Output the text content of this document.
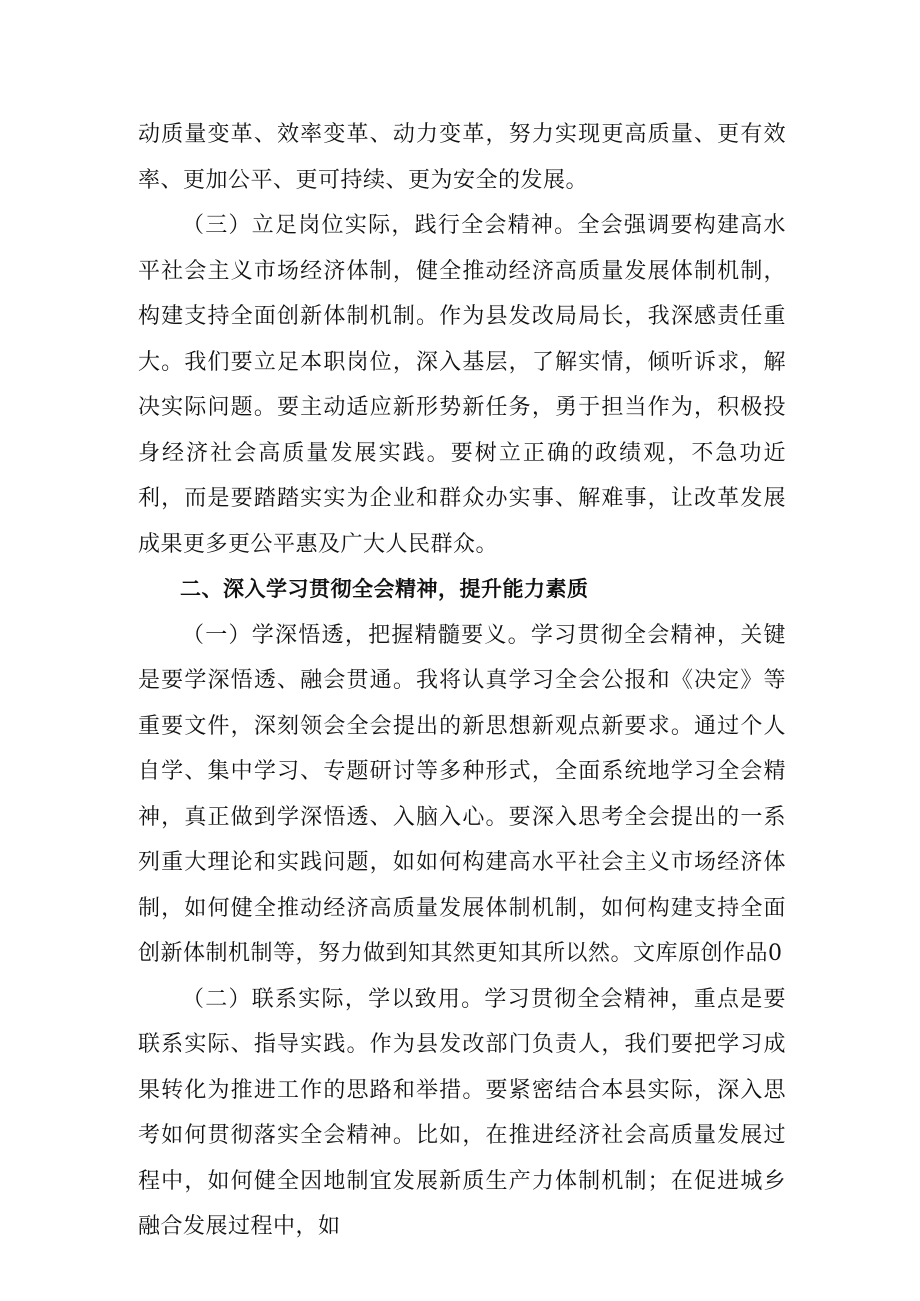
动质量变革、效率变革、动力变革，努力实现更高质量、更有效率、更加公平、更可持续、更为安全的发展。

（三）立足岗位实际，践行全会精神。全会强调要构建高水平社会主义市场经济体制，健全推动经济高质量发展体制机制，构建支持全面创新体制机制。作为县发改局局长，我深感责任重大。我们要立足本职岗位，深入基层，了解实情，倾听诉求，解决实际问题。要主动适应新形势新任务，勇于担当作为，积极投身经济社会高质量发展实践。要树立正确的政绩观，不急功近利，而是要踏踏实实为企业和群众办实事、解难事，让改革发展成果更多更公平惠及广大人民群众。

二、深入学习贯彻全会精神，提升能力素质

（一）学深悟透，把握精髓要义。学习贯彻全会精神，关键是要学深悟透、融会贯通。我将认真学习全会公报和《决定》等重要文件，深刻领会全会提出的新思想新观点新要求。通过个人自学、集中学习、专题研讨等多种形式，全面系统地学习全会精神，真正做到学深悟透、入脑入心。要深入思考全会提出的一系列重大理论和实践问题，如如何构建高水平社会主义市场经济体制，如何健全推动经济高质量发展体制机制，如何构建支持全面创新体制机制等，努力做到知其然更知其所以然。文库原创作品0

（二）联系实际，学以致用。学习贯彻全会精神，重点是要联系实际、指导实践。作为县发改部门负责人，我们要把学习成果转化为推进工作的思路和举措。要紧密结合本县实际，深入思考如何贯彻落实全会精神。比如，在推进经济社会高质量发展过程中，如何健全因地制宜发展新质生产力体制机制；在促进城乡融合发展过程中，如
